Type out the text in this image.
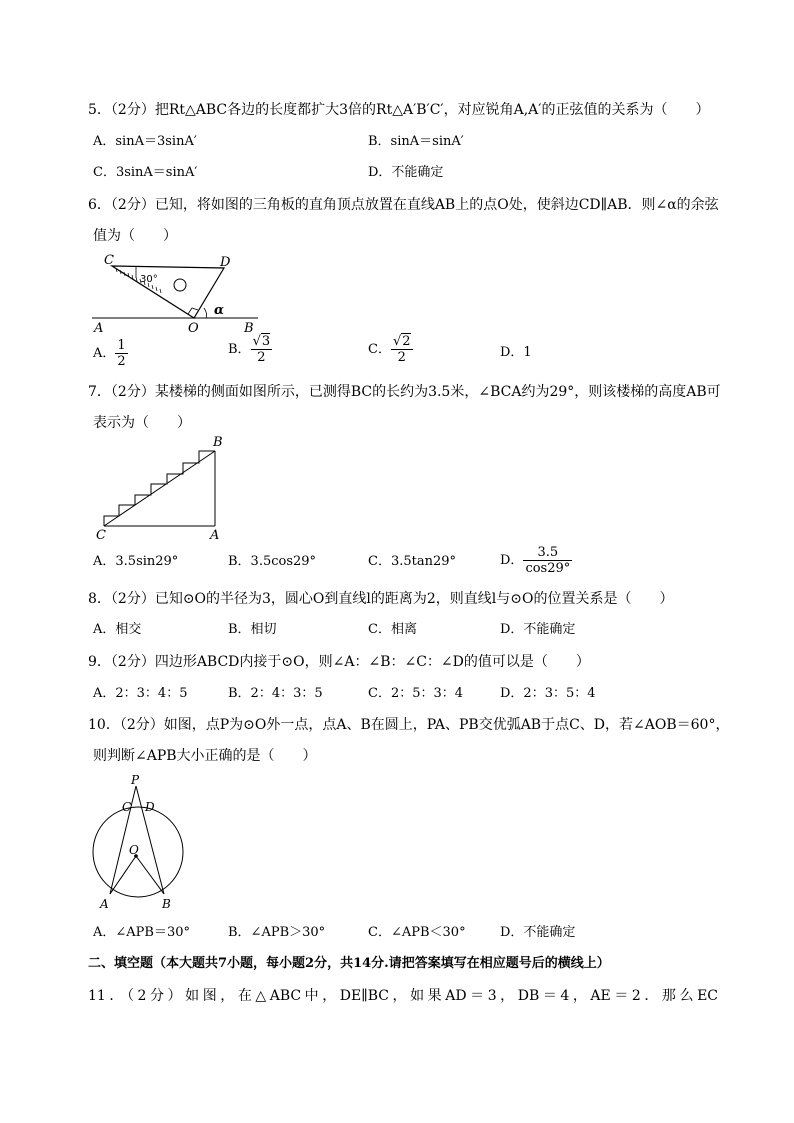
5．（2分）把Rt△ABC各边的长度都扩大3倍的Rt△A′B′C′，对应锐角A,A′的正弦值的关系为（　　）
A．sinA＝3sinA′	B．sinA＝sinA′
C．3sinA＝sinA′	D．不能确定
6．（2分）已知，将如图的三角板的直角顶点放置在直线AB上的点O处，使斜边CD∥AB．则∠α的余弦
值为（　　）
C	D
30°
α
A	O	B
A． $\frac{1}{2}$	B． $\frac{√3}{2}$	C． $\frac{√2}{2}$	D．1
7．（2分）某楼梯的侧面如图所示，已测得BC的长约为3.5米，∠BCA约为29°，则该楼梯的高度AB可
表示为（　　）
B
C	A
A．3.5sin29°	B．3.5cos29°	C．3.5tan29°	D． $\frac{3.5}{\cos 29^\circ}$
8．（2分）已知⊙O的半径为3，圆心O到直线l的距离为2，则直线l与⊙O的位置关系是（　　）
A．相交	B．相切	C．相离	D．不能确定
9．（2分）四边形ABCD内接于⊙O，则∠A：∠B：∠C：∠D的值可以是（　　）
A．2：3：4：5	B．2：4：3：5	C．2：5：3：4	D．2：3：5：4
10．（2分）如图，点P为⊙O外一点，点A、B在圆上，PA、PB交优弧AB于点C、D，若∠AOB＝60°，
则判断∠APB大小正确的是（　　）
P
C D
O
A	B
A．∠APB＝30°	B．∠APB＞30°	C．∠APB＜30°	D．不能确定
二、填空题（本大题共7小题，每小题2分，共14分.请把答案填写在相应题号后的横线上）
11．（2分）如图，在△ABC中，DE∥BC，如果AD＝3，DB＝4，AE＝2．那么EC
